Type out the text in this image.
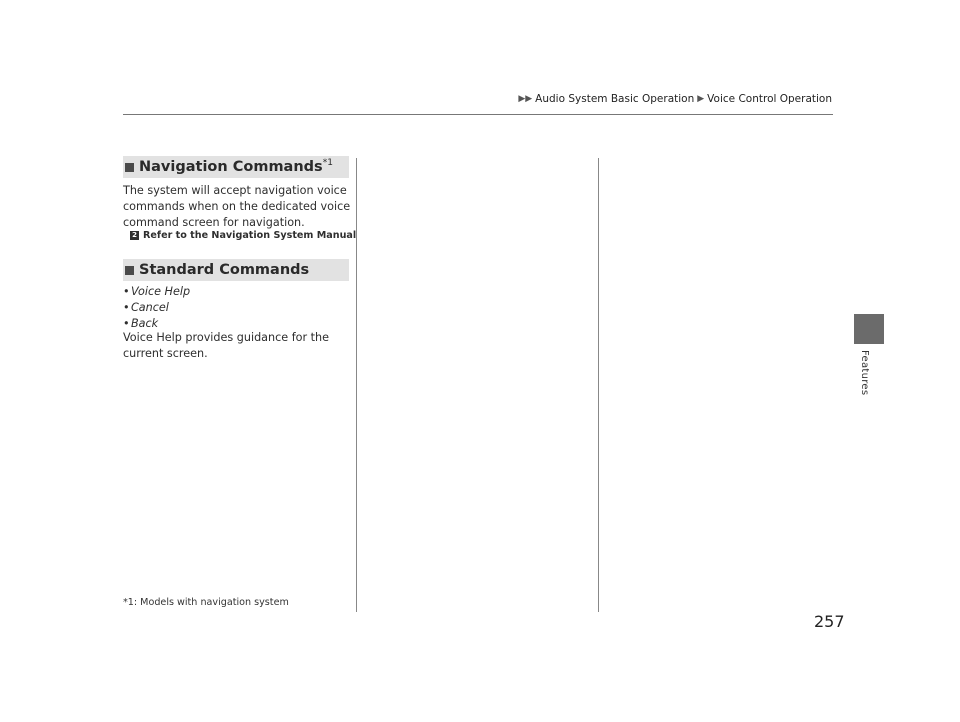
▶▶ Audio System Basic Operation ▶ Voice Control Operation
Features
Navigation Commands$^{*1}$
The system will accept navigation voice commands when on the dedicated voice command screen for navigation.
2 Refer to the Navigation System Manual
Standard Commands
• Voice Help
• Cancel
• Back
Voice Help provides guidance for the current screen.
*1: Models with navigation system
257
